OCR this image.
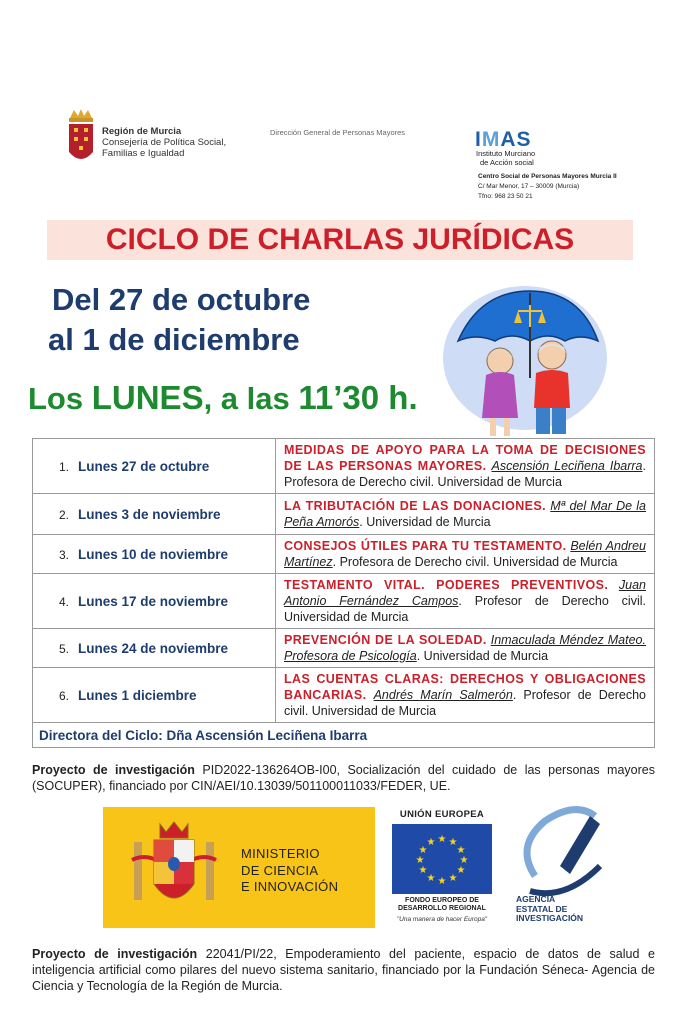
Región de Murcia
Consejería de Política Social,
Familias e Igualdad
Dirección General de Personas Mayores	IMAS
Instituto Murciano
de Acción social
Centro Social de Personas Mayores Murcia II
C/ Mar Menor, 17 – 30009 (Murcia)
Tfno: 968 23 50 21
CICLO DE CHARLAS JURÍDICAS
Del 27 de octubre
al 1 de diciembre
Los LUNES, a las 11’30 h.
1. Lunes 27 de octubre	MEDIDAS DE APOYO PARA LA TOMA DE DECISIONES DE LAS PERSONAS MAYORES. Ascensión Leciñena Ibarra. Profesora de Derecho civil. Universidad de Murcia
2. Lunes 3 de noviembre	LA TRIBUTACIÓN DE LAS DONACIONES. Mª del Mar De la Peña Amorós. Universidad de Murcia
3. Lunes 10 de noviembre	CONSEJOS ÚTILES PARA TU TESTAMENTO. Belén Andreu Martínez. Profesora de Derecho civil. Universidad de Murcia
4. Lunes 17 de noviembre	TESTAMENTO VITAL. PODERES PREVENTIVOS. Juan Antonio Fernández Campos. Profesor de Derecho civil. Universidad de Murcia
5. Lunes 24 de noviembre	PREVENCIÓN DE LA SOLEDAD. Inmaculada Méndez Mateo. Profesora de Psicología. Universidad de Murcia
6. Lunes 1 diciembre	LAS CUENTAS CLARAS: DERECHOS Y OBLIGACIONES BANCARIAS. Andrés Marín Salmerón. Profesor de Derecho civil. Universidad de Murcia
Directora del Ciclo: Dña Ascensión Leciñena Ibarra	
Proyecto de investigación PID2022-136264OB-I00, Socialización del cuidado de las personas mayores (SOCUPER), financiado por CIN/AEI/10.13039/501100011033/FEDER, UE.
MINISTERIO
DE CIENCIA
E INNOVACIÓN
UNIÓN EUROPEA
★ ★
★
★
★
★
★
★
★
★
★
★
FONDO EUROPEO DE
DESARROLLO REGIONAL
"Una manera de hacer Europa"
AGENCIA
ESTATAL DE
INVESTIGACIÓN
Proyecto de investigación 22041/PI/22, Empoderamiento del paciente, espacio de datos de salud e inteligencia artificial como pilares del nuevo sistema sanitario, financiado por la Fundación Séneca- Agencia de Ciencia y Tecnología de la Región de Murcia.
